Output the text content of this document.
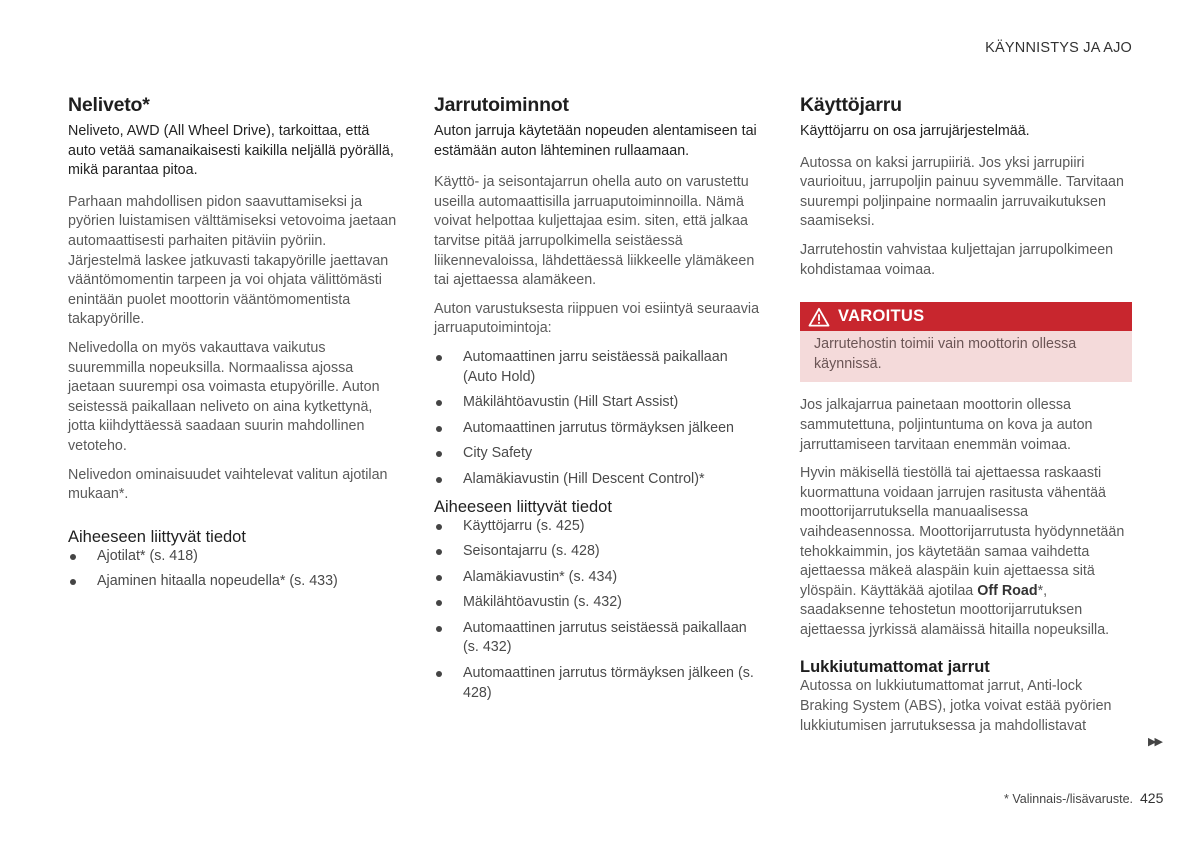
KÄYNNISTYS JA AJO
Neliveto*
Neliveto, AWD (All Wheel Drive), tarkoittaa, että auto vetää samanaikaisesti kaikilla neljällä pyörällä, mikä parantaa pitoa.

Parhaan mahdollisen pidon saavuttamiseksi ja pyörien luistamisen välttämiseksi vetovoima jaetaan automaattisesti parhaiten pitäviin pyöriin. Järjestelmä laskee jatkuvasti takapyörille jaettavan vääntömomentin tarpeen ja voi ohjata välittömästi enintään puolet moottorin vääntömomentista takapyörille.

Nelivedolla on myös vakauttava vaikutus suuremmilla nopeuksilla. Normaalissa ajossa jaetaan suurempi osa voimasta etupyörille. Auton seistessä paikallaan neliveto on aina kytkettynä, jotta kiihdyttäessä saadaan suurin mahdollinen vetoteho.

Nelivedon ominaisuudet vaihtelevat valitun ajotilan mukaan*.

Aiheeseen liittyvät tiedot
Ajotilat* (s. 418)
Ajaminen hitaalla nopeudella* (s. 433)
Jarrutoiminnot
Auton jarruja käytetään nopeuden alentamiseen tai estämään auton lähteminen rullaamaan.

Käyttö- ja seisontajarrun ohella auto on varustettu useilla automaattisilla jarruaputoiminnoilla. Nämä voivat helpottaa kuljettajaa esim. siten, että jalkaa tarvitse pitää jarrupolkimella seistäessä liikennevaloissa, lähdettäessä liikkeelle ylämäkeen tai ajettaessa alamäkeen.

Auton varustuksesta riippuen voi esiintyä seuraavia jarruaputoimintoja:

Automaattinen jarru seistäessä paikallaan (Auto Hold)
Mäkilähtöavustin (Hill Start Assist)
Automaattinen jarrutus törmäyksen jälkeen
City Safety
Alamäkiavustin (Hill Descent Control)*
Aiheeseen liittyvät tiedot
Käyttöjarru (s. 425)
Seisontajarru (s. 428)
Alamäkiavustin* (s. 434)
Mäkilähtöavustin (s. 432)
Automaattinen jarrutus seistäessä paikallaan (s. 432)
Automaattinen jarrutus törmäyksen jälkeen (s. 428)
Käyttöjarru
Käyttöjarru on osa jarrujärjestelmää.

Autossa on kaksi jarrupiiriä. Jos yksi jarrupiiri vaurioituu, jarrupoljin painuu syvemmälle. Tarvitaan suurempi poljinpaine normaalin jarruvaikutuksen saamiseksi.

Jarrutehostin vahvistaa kuljettajan jarrupolkimeen kohdistamaa voimaa.

VAROITUS
Jarrutehostin toimii vain moottorin ollessa käynnissä.

Jos jalkajarrua painetaan moottorin ollessa sammutettuna, poljintuntuma on kova ja auton jarruttamiseen tarvitaan enemmän voimaa.

Hyvin mäkisellä tiestöllä tai ajettaessa raskaasti kuormattuna voidaan jarrujen rasitusta vähentää moottorijarrutuksella manuaalisessa vaihdeasennossa. Moottorijarrutusta hyödynnetään tehokkaimmin, jos käytetään samaa vaihdetta ajettaessa mäkeä alaspäin kuin ajettaessa sitä ylöspäin. Käyttäkää ajotilaa Off Road*, saadaksenne tehostetun moottorijarrutuksen ajettaessa jyrkissä alamäissä hitailla nopeuksilla.

Lukkiutumattomat jarrut

Autossa on lukkiutumattomat jarrut, Anti-lock Braking System (ABS), jotka voivat estää pyörien lukkiutumisen jarrutuksessa ja mahdollistavat

▶▶
* Valinnais-/lisävaruste. 425
